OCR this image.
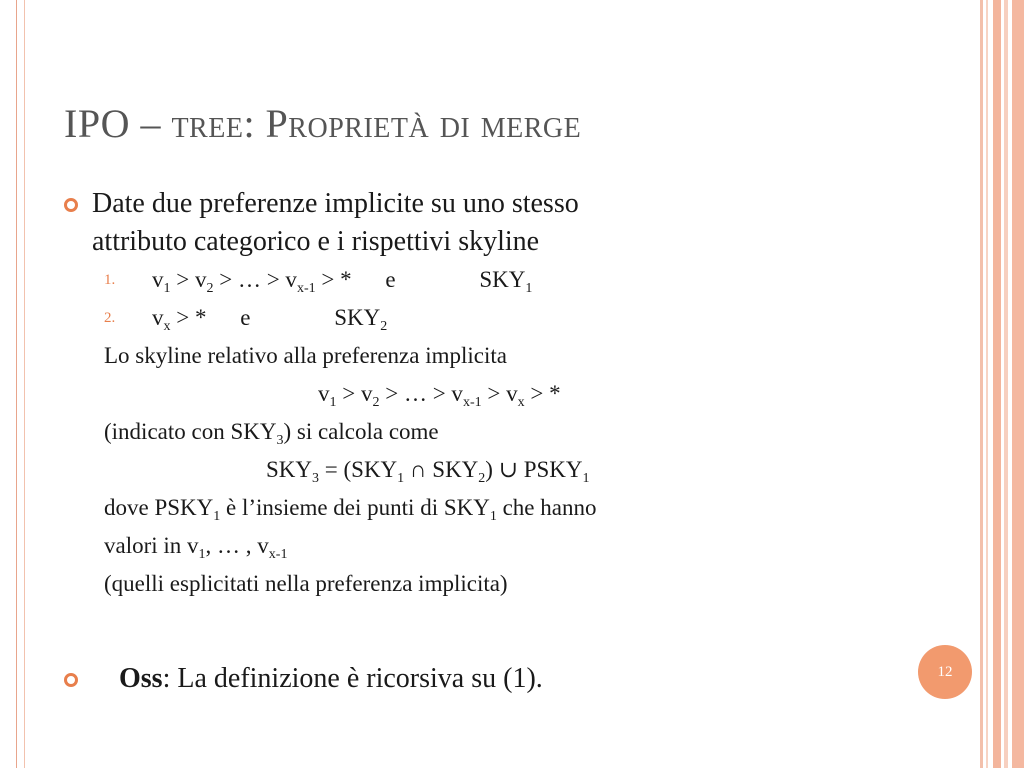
IPO – tree: Proprietà di merge
Date due preferenze implicite su uno stesso
attributo categorico e i rispettivi skyline
1. $v_1 > v_2$ > … > $v_{x-1}$ > * e	$SKY_1$
2. $v_x$ > * e	$SKY_2$
Lo skyline relativo alla preferenza implicita
$v_1 > v_2$ > … > $v_{x-1} > v_x$ > *
(indicato con $SKY_3$) si calcola come
$SKY_3 = (SKY_1$ ∩ $SKY_2$) ∪ $PSKY_1$
dove $PSKY_1$ è l’insieme dei punti di $SKY_1$ che hanno
valori in $v_1$, … , $v_{x-1}$
(quelli esplicitati nella preferenza implicita)
Oss: La definizione è ricorsiva su (1).	12
